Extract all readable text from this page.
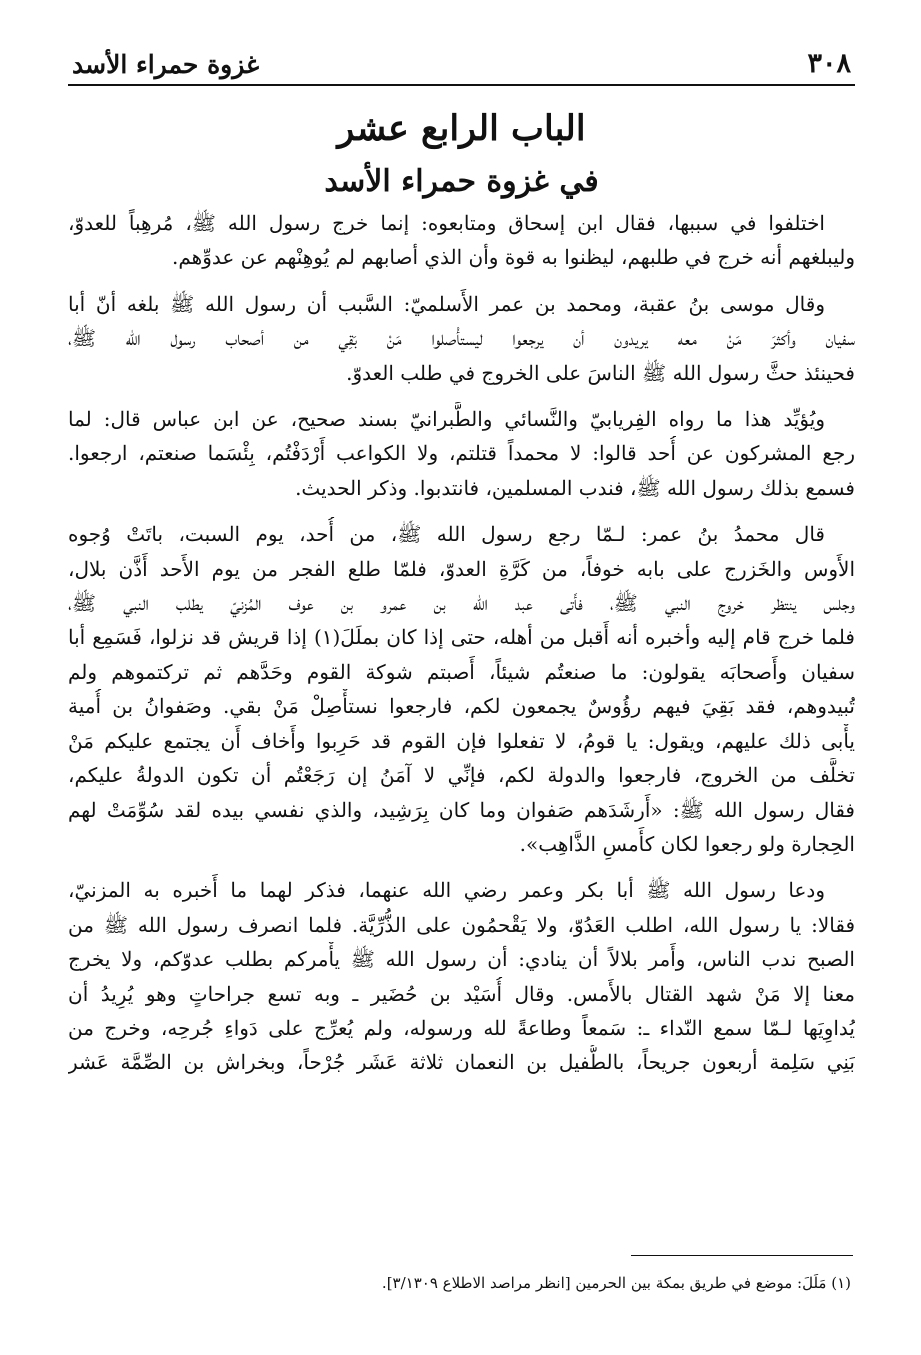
٣٠٨
غزوة حمراء الأسد
الباب الرابع عشر
في غزوة حمراء الأسد
اختلفوا في سببها، فقال ابن إسحاق ومتابعوه: إنما خرج رسول الله ﷺ، مُرهِباً للعدوّ،
وليبلغهم أنه خرج في طلبهم، ليظنوا به قوة وأن الذي أصابهم لم يُوهِنْهم عن عدوِّهم.
وقال موسى بنُ عقبة، ومحمد بن عمر الأَسلميّ: السَّبب أن رسول الله ﷺ بلغه أنّ أبا
سفيان وأكثرَ مَنْ معه يريدون أن يرجعوا ليستأْصلوا مَنْ بَقِي من أصحاب رسول الله ﷺ،
فحينئذ حثَّ رسول الله ﷺ الناسَ على الخروج في طلب العدوّ.
ويُؤيِّد هذا ما رواه الفِريابيّ والنَّسائي والطَّبرانيّ بسند صحيح، عن ابن عباس قال: لما
رجع المشركون عن أُحد قالوا: لا محمداً قتلتم، ولا الكواعب أَرْدَفْتُم، بِئْسَما صنعتم، ارجعوا.
فسمع بذلك رسول الله ﷺ، فندب المسلمين، فانتدبوا. وذكر الحديث.
قال محمدُ بنُ عمر: لـمّا رجع رسول الله ﷺ، من أُحد، يوم السبت، باتَتْ وُجوه
الأَوس والخَزرج على بابه خوفاً، من كَرَّةِ العدوّ، فلمّا طلع الفجر من يوم الأَحد أَذَّن بلال،
وجلس ينتظر خروج النبي ﷺ، فأَتى عبد الله بن عمرو بن عوف المُزنيّ يطلب النبي ﷺ،
فلما خرج قام إليه وأخبره أنه أَقبل من أهله، حتى إذا كان بملَلَ(١) إذا قريش قد نزلوا، فَسَمِع أبا
سفيان وأَصحابَه يقولون: ما صنعتُم شيئاً، أَصبتم شوكة القوم وحَدَّهم ثم تركتموهم ولم
تُبيدوهم، فقد بَقِيَ فيهم رؤُوسٌ يجمعون لكم، فارجعوا نستأْصِلْ مَنْ بقي. وصَفوانُ بن أُمية
يأْبى ذلك عليهم، ويقول: يا قومُ، لا تفعلوا فإن القوم قد حَرِبوا وأَخاف أَن يجتمع عليكم مَنْ
تخلَّف من الخروج، فارجعوا والدولة لكم، فإنِّي لا آمَنُ إن رَجَعْتُم أن تكون الدولةُ عليكم،
فقال رسول الله ﷺ: «أَرشَدَهم صَفوان وما كان بِرَشِيد، والذي نفسي بيده لقد سُوِّمَتْ لهم
الحِجارة ولو رجعوا لكان كأَمسِ الذَّاهِب».
ودعا رسول الله ﷺ أبا بكر وعمر رضي الله عنهما، فذكر لهما ما أَخبره به المزنيّ،
فقالا: يا رسول الله، اطلب العَدُوّ، ولا يَقْحمُون على الذُّرِّيَّة. فلما انصرف رسول الله ﷺ من
الصبح ندب الناس، وأَمر بلالاً أن ينادي: أن رسول الله ﷺ يأْمركم بطلب عدوّكم، ولا يخرج
معنا إلا مَنْ شهد القتال بالأَمس. وقال أُسَيْد بن حُضَير ـ وبه تسع جراحاتٍ وهو يُرِيدُ أن
يُداوِيَها لـمّا سمع النّداء ـ: سَمعاً وطاعةً لله ورسوله، ولم يُعرِّج على دَواءِ جُرحِه، وخرج من
بَنِي سَلِمة أربعون جريحاً، بالطُّفيل بن النعمان ثلاثة عَشَر جُرْحاً، وبخراش بن الصِّمَّة عَشر
(١) مَلَلَ: موضع في طريق بمكة بين الحرمين [انظر مراصد الاطلاع ٣/١٣٠٩].
